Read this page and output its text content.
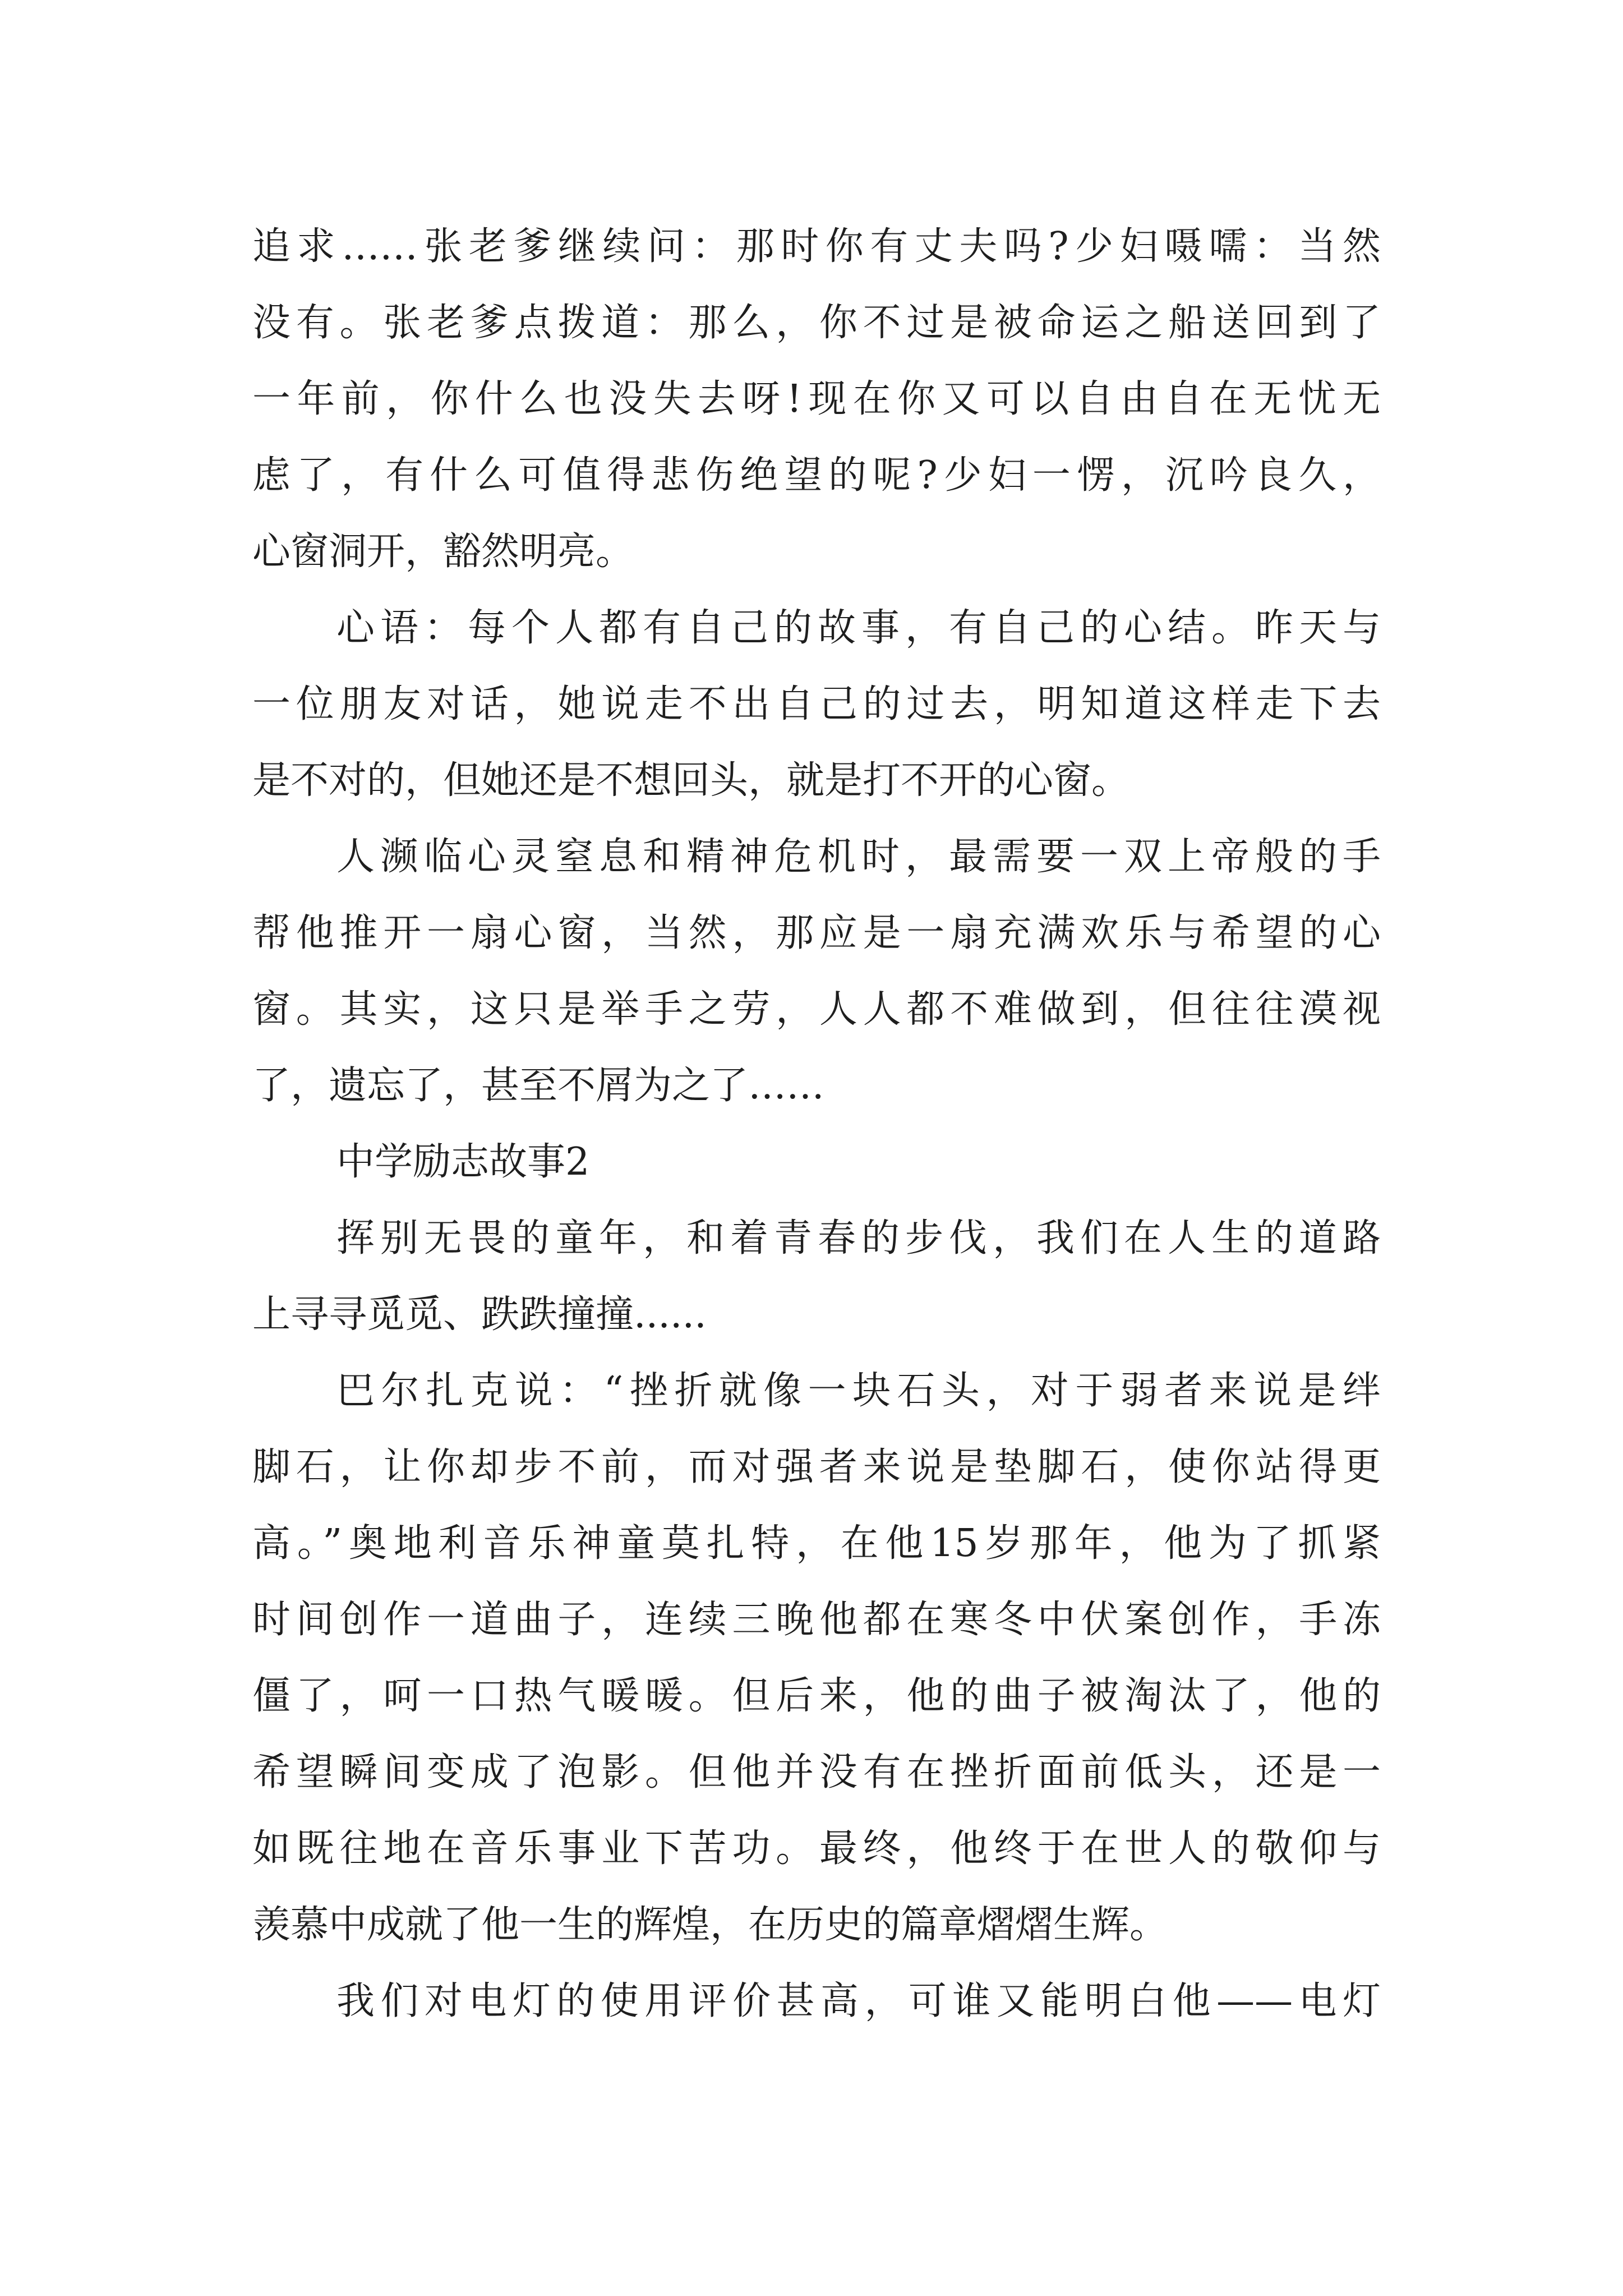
追求……张老爹继续问：那时你有丈夫吗?少妇嗫嚅：当然
没有。张老爹点拨道：那么，你不过是被命运之船送回到了
一年前，你什么也没失去呀!现在你又可以自由自在无忧无
虑了，有什么可值得悲伤绝望的呢?少妇一愣，沉吟良久，
心窗洞开，豁然明亮。
心语：每个人都有自己的故事，有自己的心结。昨天与
一位朋友对话，她说走不出自己的过去，明知道这样走下去
是不对的，但她还是不想回头，就是打不开的心窗。
人濒临心灵窒息和精神危机时，最需要一双上帝般的手
帮他推开一扇心窗，当然，那应是一扇充满欢乐与希望的心
窗。其实，这只是举手之劳，人人都不难做到，但往往漠视
了，遗忘了，甚至不屑为之了……
中学励志故事2
挥别无畏的童年，和着青春的步伐，我们在人生的道路
上寻寻觅觅、跌跌撞撞......
巴尔扎克说：“挫折就像一块石头，对于弱者来说是绊
脚石，让你却步不前，而对强者来说是垫脚石，使你站得更
高。”奥地利音乐神童莫扎特，在他15岁那年，他为了抓紧
时间创作一道曲子，连续三晚他都在寒冬中伏案创作，手冻
僵了，呵一口热气暖暖。但后来，他的曲子被淘汰了，他的
希望瞬间变成了泡影。但他并没有在挫折面前低头，还是一
如既往地在音乐事业下苦功。最终，他终于在世人的敬仰与
羡慕中成就了他一生的辉煌，在历史的篇章熠熠生辉。
我们对电灯的使用评价甚高，可谁又能明白他——电灯
